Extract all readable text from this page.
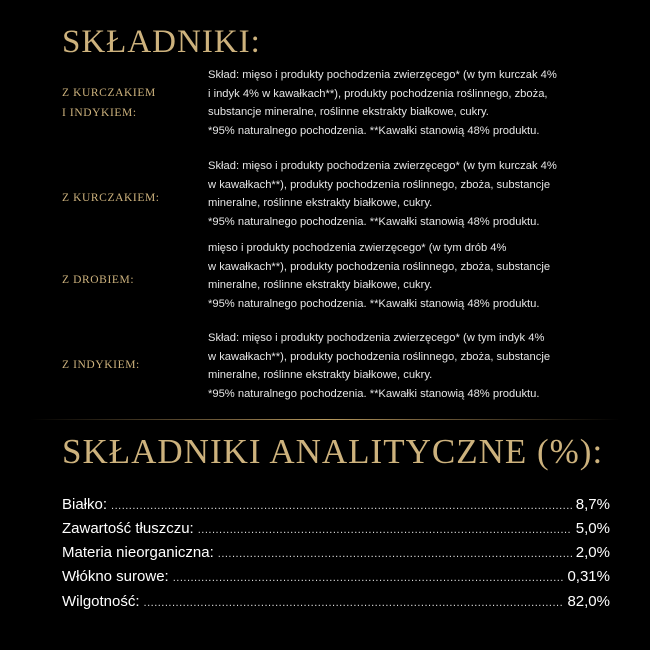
SKŁADNIKI:
Z KURCZAKIEM
I INDYKIEM:

Skład: mięso i produkty pochodzenia zwierzęcego* (w tym kurczak 4%

i indyk 4% w kawałkach**), produkty pochodzenia roślinnego, zboża,

substancje mineralne, roślinne ekstrakty białkowe, cukry.

*95% naturalnego pochodzenia. **Kawałki stanowią 48% produktu.

Z KURCZAKIEM:

Skład: mięso i produkty pochodzenia zwierzęcego* (w tym kurczak 4%

w kawałkach**), produkty pochodzenia roślinnego, zboża, substancje

mineralne, roślinne ekstrakty białkowe, cukry.

*95% naturalnego pochodzenia. **Kawałki stanowią 48% produktu.

Z DROBIEM:

mięso i produkty pochodzenia zwierzęcego* (w tym drób 4%

w kawałkach**), produkty pochodzenia roślinnego, zboża, substancje

mineralne, roślinne ekstrakty białkowe, cukry.

*95% naturalnego pochodzenia. **Kawałki stanowią 48% produktu.

Z INDYKIEM:

Skład: mięso i produkty pochodzenia zwierzęcego* (w tym indyk 4%

w kawałkach**), produkty pochodzenia roślinnego, zboża, substancje

mineralne, roślinne ekstrakty białkowe, cukry.

*95% naturalnego pochodzenia. **Kawałki stanowią 48% produktu.

SKŁADNIKI ANALITYCZNE (%):
Białko: .....	8,7%
Zawartość tłuszczu: .....	5,0%
Materia nieorganiczna: .....	2,0%
Włókno surowe: .....	0,31%
Wilgotność: .....	82,0%
